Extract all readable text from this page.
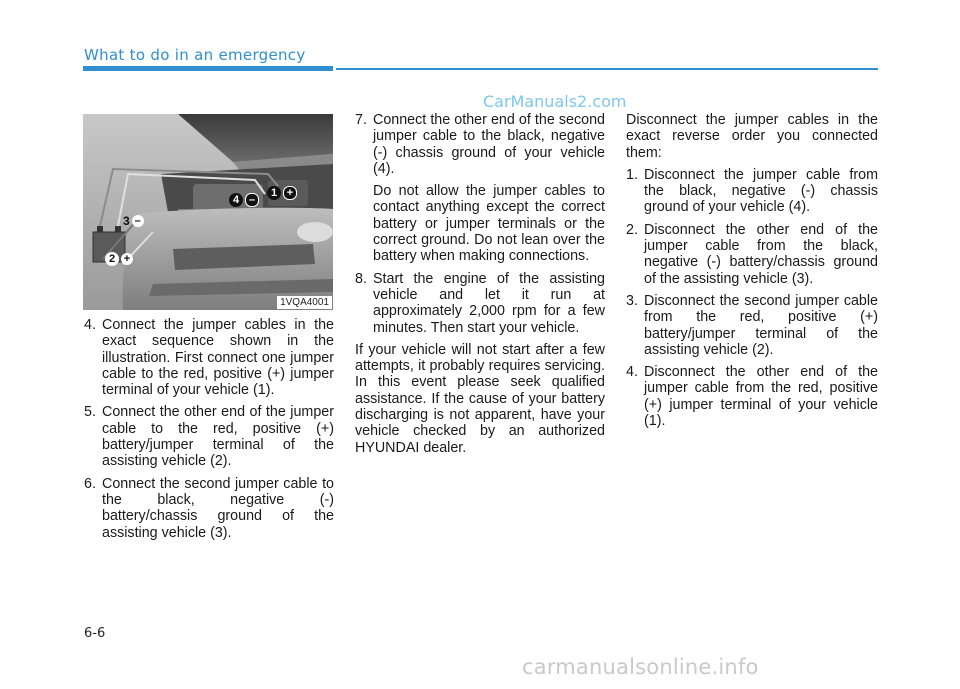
What to do in an emergency
CarManuals2.com
1 +
4 –
3 –
2 +
1VQA4001
4. Connect the jumper cables in the exact sequence shown in the illustration. First connect one jumper cable to the red, positive (+) jumper terminal of your vehicle (1).
5. Connect the other end of the jumper cable to the red, positive (+) battery/jumper terminal of the assisting vehicle (2).
6. Connect the second jumper cable to the black, negative (-) battery/chassis ground of the assisting vehicle (3).
7. Connect the other end of the second jumper cable to the black, negative (-) chassis ground of your vehicle (4).
Do not allow the jumper cables to contact anything except the correct battery or jumper terminals or the correct ground. Do not lean over the battery when making connections.
8. Start the engine of the assisting vehicle and let it run at approximately 2,000 rpm for a few minutes. Then start your vehicle.
If your vehicle will not start after a few attempts, it probably requires servicing. In this event please seek qualified assistance. If the cause of your battery discharging is not apparent, have your vehicle checked by an authorized HYUNDAI dealer.
Disconnect the jumper cables in the exact reverse order you connected them:
1. Disconnect the jumper cable from the black, negative (-) chassis ground of your vehicle (4).
2. Disconnect the other end of the jumper cable from the black, negative (-) battery/chassis ground of the assisting vehicle (3).
3. Disconnect the second jumper cable from the red, positive (+) battery/jumper terminal of the assisting vehicle (2).
4. Disconnect the other end of the jumper cable from the red, positive (+) jumper terminal of your vehicle (1).
6-6
carmanualsonline.info
